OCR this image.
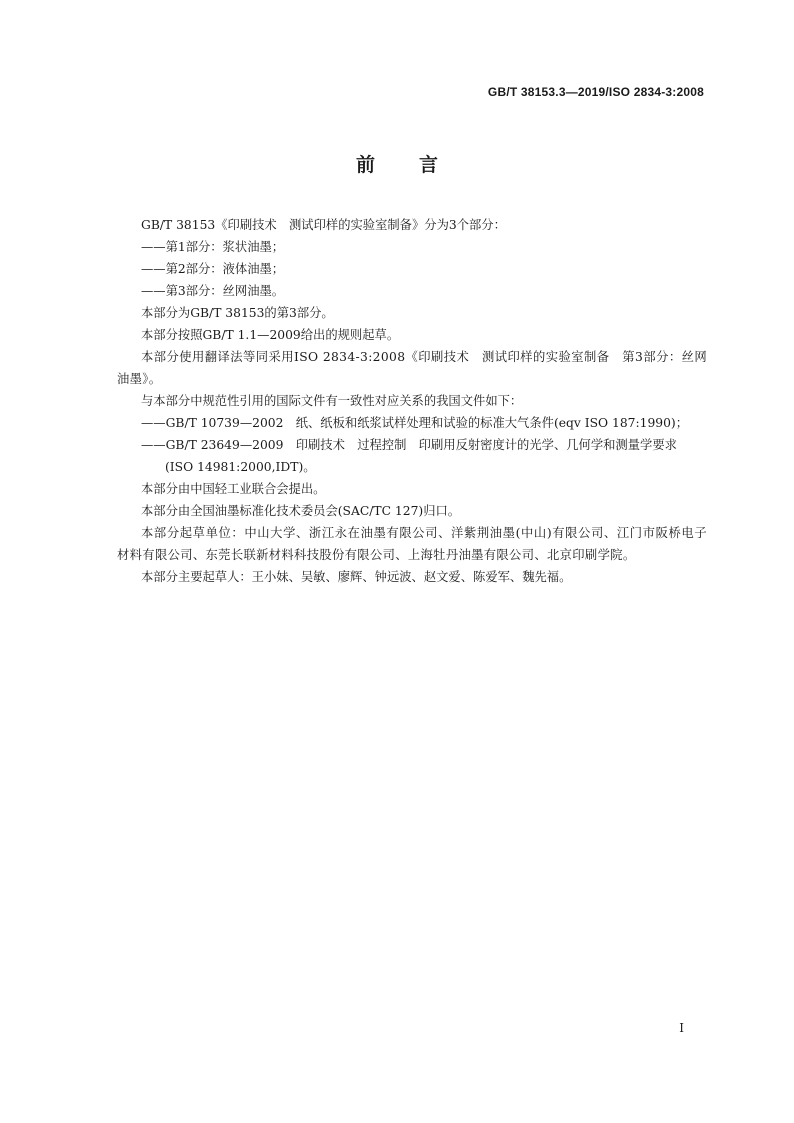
GB/T 38153.3—2019/ISO 2834-3:2008
前言

GB/T 38153《印刷技术　测试印样的实验室制备》分为3个部分：

——第1部分：浆状油墨；

——第2部分：液体油墨；

——第3部分：丝网油墨。

本部分为GB/T 38153的第3部分。

本部分按照GB/T 1.1—2009给出的规则起草。

本部分使用翻译法等同采用ISO 2834-3:2008《印刷技术　测试印样的实验室制备　第3部分：丝网油墨》。

与本部分中规范性引用的国际文件有一致性对应关系的我国文件如下：

——GB/T 10739—2002　纸、纸板和纸浆试样处理和试验的标准大气条件(eqv ISO 187:1990)；

——GB/T 23649—2009　印刷技术　过程控制　印刷用反射密度计的光学、几何学和测量学要求

(ISO 14981:2000,IDT)。

本部分由中国轻工业联合会提出。

本部分由全国油墨标准化技术委员会(SAC/TC 127)归口。

本部分起草单位：中山大学、浙江永在油墨有限公司、洋紫荆油墨(中山)有限公司、江门市阪桥电子材料有限公司、东莞长联新材料科技股份有限公司、上海牡丹油墨有限公司、北京印刷学院。

本部分主要起草人：王小妹、吴敏、廖辉、钟远波、赵文爱、陈爱军、魏先福。

I
